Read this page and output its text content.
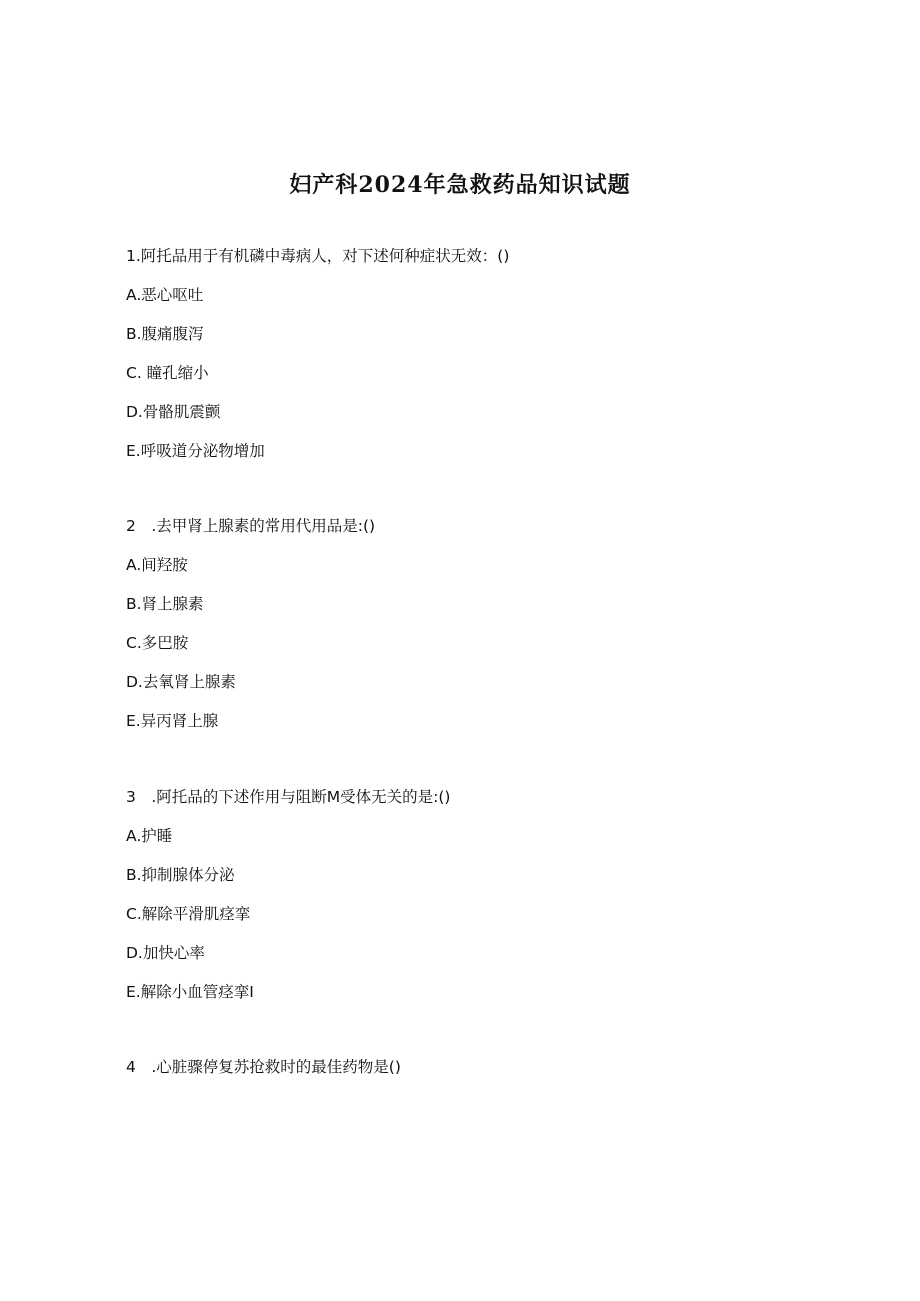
妇产科2024年急救药品知识试题
1.阿托品用于有机磷中毒病人，对下述何种症状无效：()
A.恶心呕吐
B.腹痛腹泻
C. 瞳孔缩小
D.骨骼肌震颤
E.呼吸道分泌物增加
2　.去甲肾上腺素的常用代用品是:()
A.间羟胺
B.肾上腺素
C.多巴胺
D.去氧肾上腺素
E.异丙肾上腺
3　.阿托品的下述作用与阻断M受体无关的是:()
A.护睡
B.抑制腺体分泌
C.解除平滑肌痉挛
D.加快心率
E.解除小血管痉挛I
4　.心脏骤停复苏抢救时的最佳药物是()
